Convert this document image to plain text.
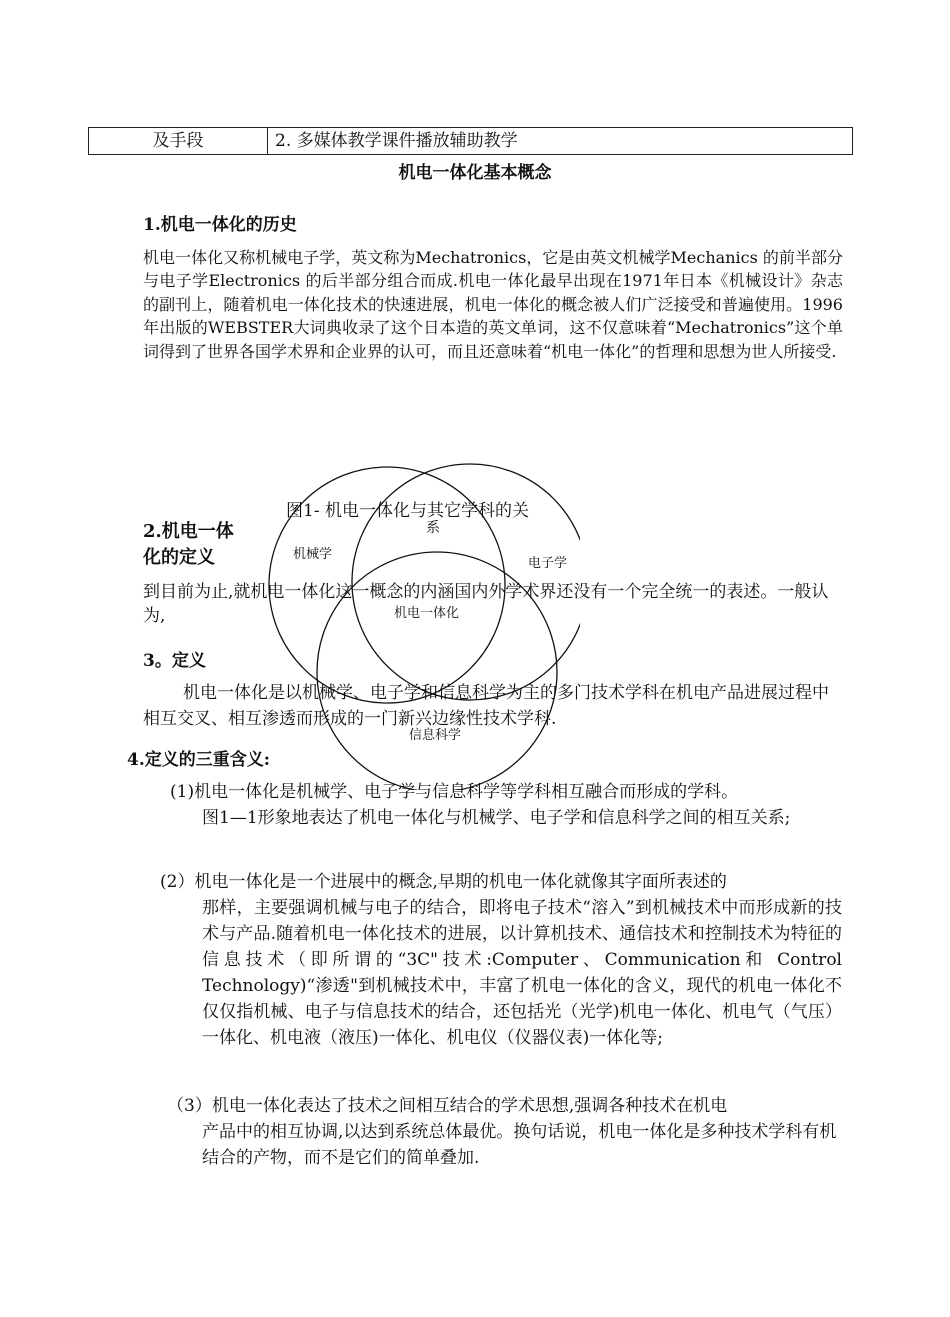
及手段	2. 多媒体教学课件播放辅助教学
机电一体化基本概念
1.机电一体化的历史
机电一体化又称机械电子学，英文称为Mechatronics，它是由英文机械学Mechanics 的前半部分与电子学Electronics 的后半部分组合而成.机电一体化最早出现在1971年日本《机械设计》杂志的副刊上，随着机电一体化技术的快速进展，机电一体化的概念被人们广泛接受和普遍使用。1996年出版的WEBSTER大词典收录了这个日本造的英文单词，这不仅意味着“Mechatronics”这个单词得到了世界各国学术界和企业界的认可，而且还意味着“机电一体化”的哲理和思想为世人所接受.
机械学
电子学
机电一体化
信息科学
图1- 机电一体化与其它学科的关
系
2.机电一体
化的定义
到目前为止,就机电一体化这一概念的内涵国内外学术界还没有一个完全统一的表述。一般认为,
3。定义
机电一体化是以机械学、电子学和信息科学为主的多门技术学科在机电产品进展过程中相互交叉、相互渗透而形成的一门新兴边缘性技术学科.
4.定义的三重含义:
(1)机电一体化是机械学、电子学与信息科学等学科相互融合而形成的学科。
图1—1形象地表达了机电一体化与机械学、电子学和信息科学之间的相互关系;
(2）机电一体化是一个进展中的概念,早期的机电一体化就像其字面所表述的
那样，主要强调机械与电子的结合，即将电子技术“溶入”到机械技术中而形成新的技术与产品.随着机电一体化技术的进展，以计算机技术、通信技术和控制技术为特征的信息技术（即所谓的“3C"技术:Computer、Communication和 Control Technology)“渗透"到机械技术中，丰富了机电一体化的含义，现代的机电一体化不仅仅指机械、电子与信息技术的结合，还包括光（光学)机电一体化、机电气（气压）一体化、机电液（液压)一体化、机电仪（仪器仪表)一体化等;
（3）机电一体化表达了技术之间相互结合的学术思想,强调各种技术在机电
产品中的相互协调,以达到系统总体最优。换句话说，机电一体化是多种技术学科有机结合的产物，而不是它们的简单叠加.
